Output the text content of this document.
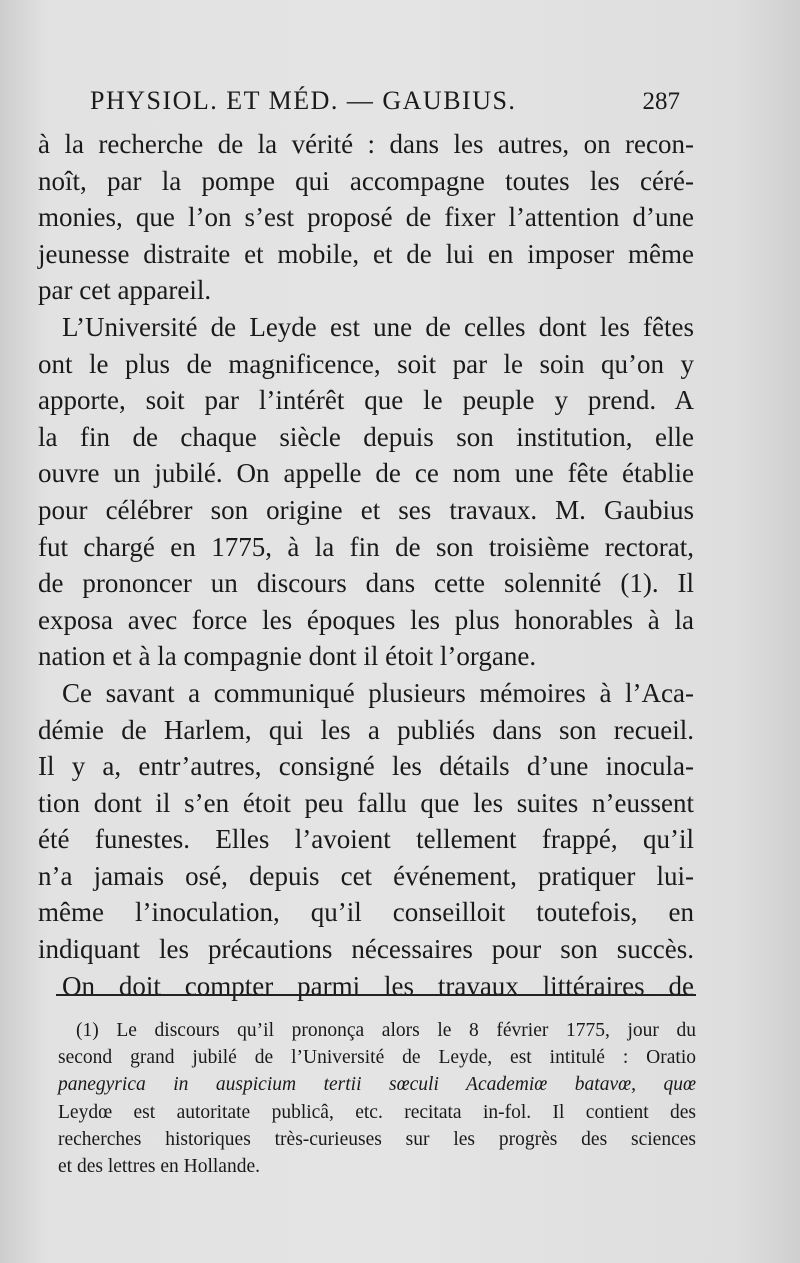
PHYSIOL. ET MÉD. — GAUBIUS.	287
à la recherche de la vérité : dans les autres, on recon-
noît, par la pompe qui accompagne toutes les céré-
monies, que l’on s’est proposé de fixer l’attention d’une
jeunesse distraite et mobile, et de lui en imposer même
par cet appareil.
L’Université de Leyde est une de celles dont les fêtes
ont le plus de magnificence, soit par le soin qu’on y
apporte, soit par l’intérêt que le peuple y prend. A
la fin de chaque siècle depuis son institution, elle
ouvre un jubilé. On appelle de ce nom une fête établie
pour célébrer son origine et ses travaux. M. Gaubius
fut chargé en 1775, à la fin de son troisième rectorat,
de prononcer un discours dans cette solennité (1). Il
exposa avec force les époques les plus honorables à la
nation et à la compagnie dont il étoit l’organe.
Ce savant a communiqué plusieurs mémoires à l’Aca-
démie de Harlem, qui les a publiés dans son recueil.
Il y a, entr’autres, consigné les détails d’une inocula-
tion dont il s’en étoit peu fallu que les suites n’eussent
été funestes. Elles l’avoient tellement frappé, qu’il
n’a jamais osé, depuis cet événement, pratiquer lui-
même l’inoculation, qu’il conseilloit toutefois, en
indiquant les précautions nécessaires pour son succès.
On doit compter parmi les travaux littéraires de
(1) Le discours qu’il prononça alors le 8 février 1775, jour du
second grand jubilé de l’Université de Leyde, est intitulé : Oratio
panegyrica in auspicium tertii sœculi Academiœ batavœ, quœ
Leydœ est autoritate publicâ, etc. recitata in-fol. Il contient des
recherches historiques très-curieuses sur les progrès des sciences
et des lettres en Hollande.
